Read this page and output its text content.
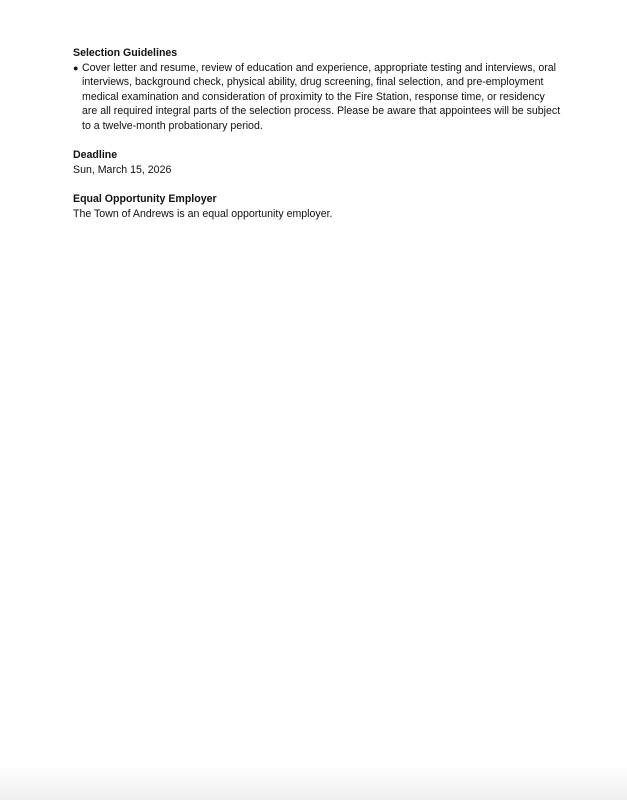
Selection Guidelines

● Cover letter and resume, review of education and experience, appropriate testing and interviews, oral interviews, background check, physical ability, drug screening, final selection, and pre-employment medical examination and consideration of proximity to the Fire Station, response time, or residency are all required integral parts of the selection process. Please be aware that appointees will be subject to a twelve-month probationary period.

Deadline

Sun, March 15, 2026

Equal Opportunity Employer

The Town of Andrews is an equal opportunity employer.
